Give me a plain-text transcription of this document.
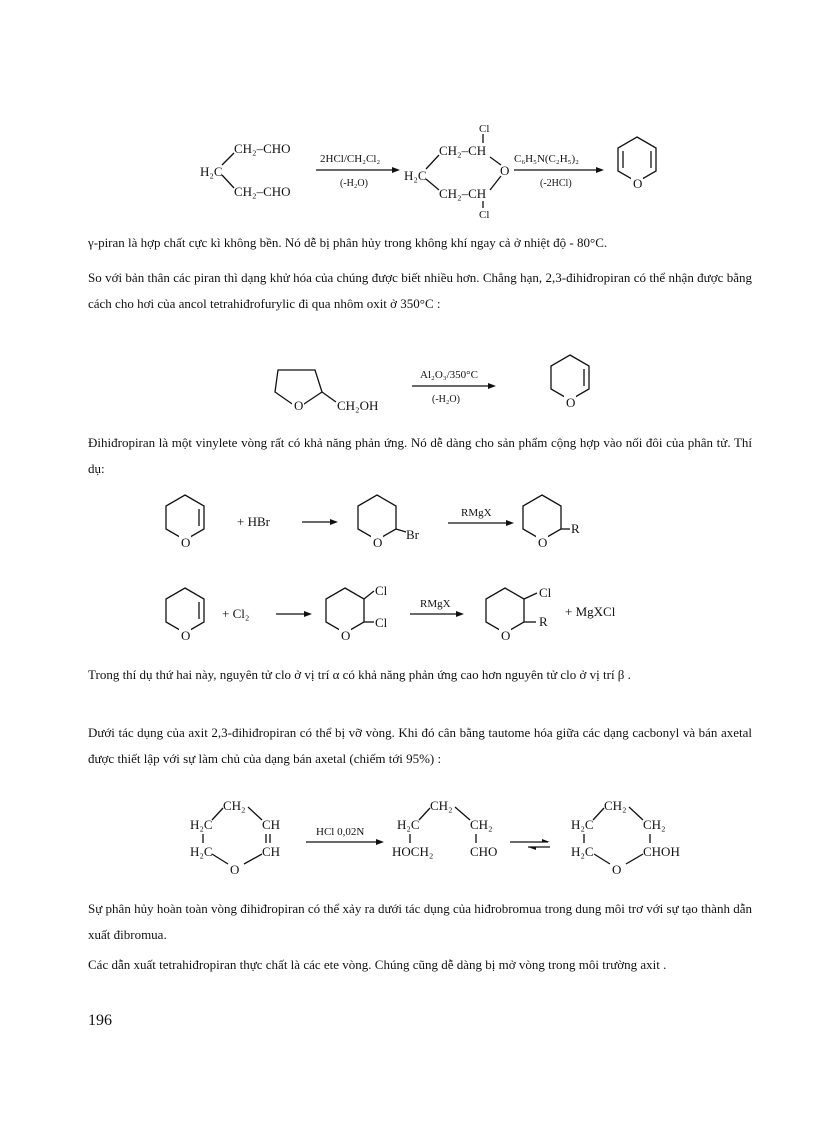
CH₂–CHO
H₂C
CH₂–CHO
2HCl/CH₂Cl₂
(-H₂O)
Cl
CH₂–CH
H₂C	O
CH₂–CH
Cl
C₆H₅N(C₂H₅)₂
(-2HCl)	O

γ-piran là hợp chất cực kì không bền. Nó dễ bị phân hủy trong không khí ngay cả ở nhiệt độ - 80°C.

So với bản thân các piran thì dạng khử hóa của chúng được biết nhiều hơn. Chẳng hạn, 2,3-đihiđropiran có thể nhận được bằng cách cho hơi của ancol tetrahiđrofurylic đi qua nhôm oxit ở 350°C :

O	CH₂OH
Al₂O₃/350°C
(-H₂O)	O

Đihiđropiran là một vinylete vòng rất có khả năng phản ứng. Nó dễ dàng cho sản phẩm cộng hợp vào nối đôi của phân tử. Thí dụ:

O
+ HBr
O
Br
RMgX
O
R
O
+ Cl₂
O
Cl
Cl
RMgX
O
Cl
R
+ MgXCl

Trong thí dụ thứ hai này, nguyên tử clo ở vị trí α có khả năng phản ứng cao hơn nguyên tử clo ở vị trí β .

Dưới tác dụng của axit 2,3-đihiđropiran có thể bị vỡ vòng. Khi đó cân bằng tautome hóa giữa các dạng cacbonyl và bán axetal được thiết lập với sự làm chủ của dạng bán axetal (chiếm tới 95%) :

CH₂
H₂C	CH
H₂C	CH
O
HCl 0,02N
CH₂
H₂C	CH₂
HOCH₂	CHO
CH₂
H₂C	CH₂
H₂C	CHOH
O

Sự phân hủy hoàn toàn vòng đihiđropiran có thể xảy ra dưới tác dụng của hiđrobromua trong dung môi trơ với sự tạo thành dẫn xuất đibromua.

Các dẫn xuất tetrahiđropiran thực chất là các ete vòng. Chúng cũng dễ dàng bị mở vòng trong môi trường axit .

196
